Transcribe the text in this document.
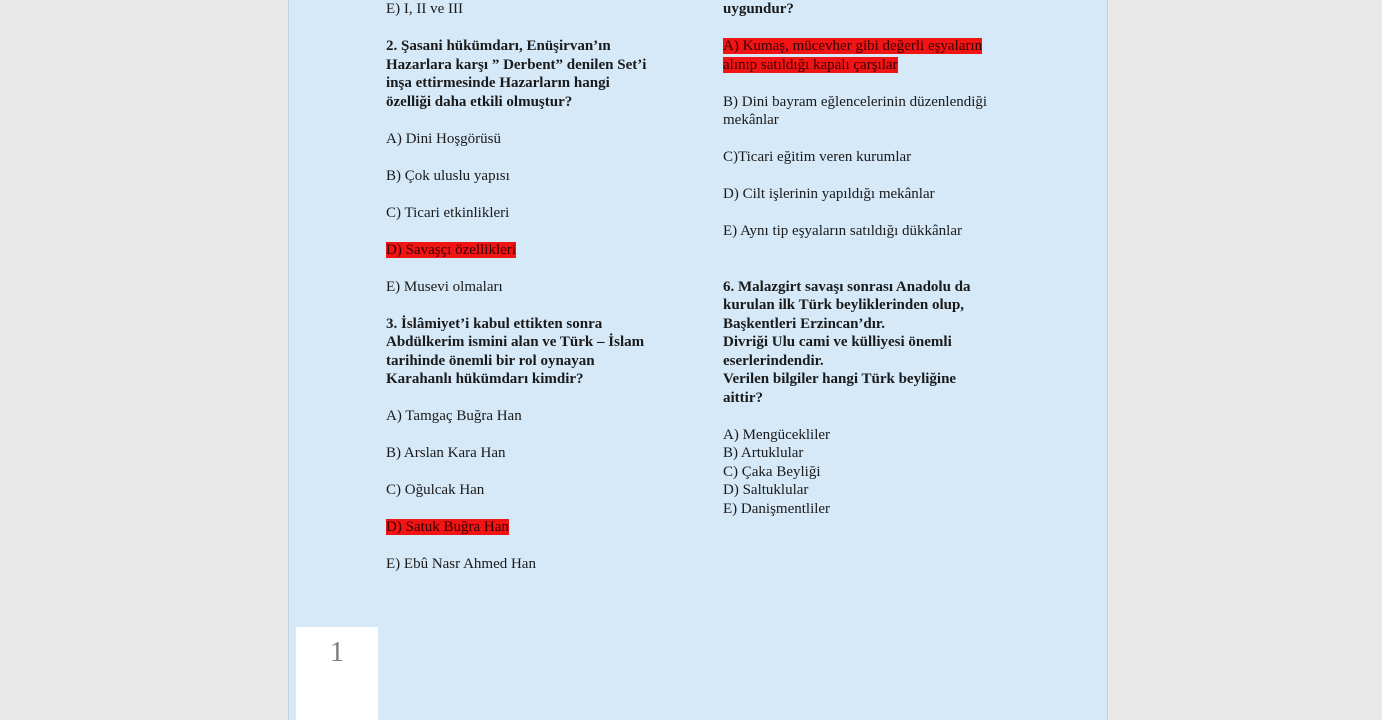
E) I, II ve III

2. Şasani hükümdarı, Enüşirvan’ın

Hazarlara karşı ” Derbent” denilen Set’i

inşa ettirmesinde Hazarların hangi

özelliği daha etkili olmuştur?

A) Dini Hoşgörüsü

B) Çok uluslu yapısı

C) Ticari etkinlikleri

D) Savaşçı özellikleri

E) Musevi olmaları

3. İslâmiyet’i kabul ettikten sonra

Abdülkerim ismini alan ve Türk – İslam

tarihinde önemli bir rol oynayan

Karahanlı hükümdarı kimdir?

A) Tamgaç Buğra Han

B) Arslan Kara Han

C) Oğulcak Han

D) Satuk Buğra Han

E) Ebû Nasr Ahmed Han

uygundur?

A) Kumaş, mücevher gibi değerli eşyaların

alınıp satıldığı kapalı çarşılar

B) Dini bayram eğlencelerinin düzenlendiği

mekânlar

C)Ticari eğitim veren kurumlar

D) Cilt işlerinin yapıldığı mekânlar

E) Aynı tip eşyaların satıldığı dükkânlar

6. Malazgirt savaşı sonrası Anadolu da

kurulan ilk Türk beyliklerinden olup,

Başkentleri Erzincan’dır.

Divriği Ulu cami ve külliyesi önemli

eserlerindendir.

Verilen bilgiler hangi Türk beyliğine

aittir?

A) Mengücekliler

B) Artuklular

C) Çaka Beyliği

D) Saltuklular

E) Danişmentliler

1
